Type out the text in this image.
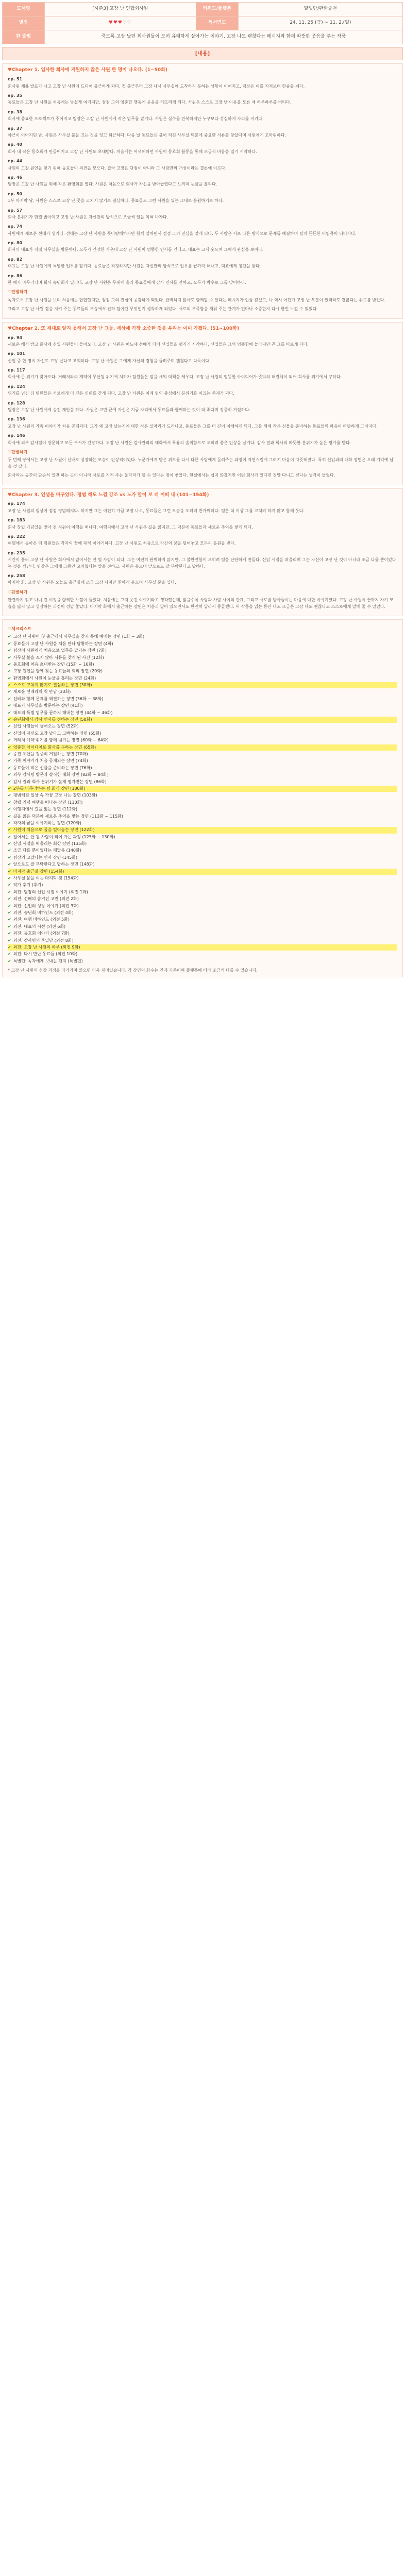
도서명	[시즌3] 고장 난 연합회사원	키워드/플랫폼	달빛단/판화솔천
별점	♥♥♥♡♡	독서연도	24. 11. 25.(금) ~ 11. 2.(일)
한 줄평	죽도록 고장 났던 회사원들이 모여 유쾌하게 살아가는 이야기. 고장 나도 괜찮다는 메시지와 함께 따뜻한 웃음을 주는 작품		
[내용]
♥Chapter 1. 입사한 회사에 지원하지 않은 사원 한 명이 나오다. (1~50화)
ep. 51
회사원 채용 발표가 나고 고장 난 사원이 드디어 출근하게 되다. 첫 출근부터 고장 나서 사무실에 도착하지 못하는 상황이 이어지고, 팀장은 이를 지켜보며 한숨을 쉬다.
ep. 35
동료들은 고장 난 사원을 처음에는 낯설게 여기지만, 점점 그의 엉뚱한 행동에 웃음을 터뜨리게 되다. 사원은 스스로 고장 난 이유를 모른 채 하루하루를 버티다.
ep. 38
회사에 중요한 프로젝트가 주어지고 팀장은 고장 난 사원에게 작은 업무를 맡기다. 사원은 실수를 반복하지만 누구보다 성실하게 자리를 지키다.
ep. 37
야근이 이어지던 밤, 사원은 사무실 불을 끄는 것을 잊고 퇴근하다. 다음 날 동료들은 불이 켜진 사무실 덕분에 중요한 서류를 찾았다며 사원에게 고마워하다.
ep. 40
회사 내 작은 동호회가 만들어지고 고장 난 사원도 초대받다. 처음에는 어색해하던 사원이 동호회 활동을 통해 조금씩 마음을 열기 시작하다.
ep. 44
사원의 고장 원인을 찾기 위해 동료들이 의견을 모으다. 결국 고장은 단점이 아니라 그 사람만의 개성이라는 결론에 이르다.
ep. 46
팀장은 고장 난 사원을 위해 작은 환영회를 열다. 사원은 처음으로 회사가 자신을 받아들였다고 느끼며 눈물을 흘리다.
ep. 50
1부 마지막 날, 사원은 스스로 고장 난 곳을 고치지 않기로 결심하다. 동료들도 그런 사원을 있는 그대로 응원하기로 하다.
ep. 57
회사 분위기가 한결 밝아지고 고장 난 사원은 자신만의 방식으로 조금씩 일을 익혀 나가다.
ep. 74
사원에게 새로운 선배가 생기다. 선배는 고장 난 사원을 못마땅해하지만 함께 일하면서 점점 그의 진심을 알게 되다. 두 사람은 서로 다른 방식으로 문제를 해결하며 팀의 든든한 버팀목이 되어가다.
ep. 80
회사의 대표가 직접 사무실을 방문하다. 모두가 긴장한 가운데 고장 난 사원이 엉뚱한 인사를 건네고, 대표는 크게 웃으며 그에게 관심을 보이다.
ep. 82
대표는 고장 난 사원에게 특별한 업무를 맡기다. 동료들은 걱정하지만 사원은 자신만의 방식으로 업무를 끝까지 해내고, 대표에게 칭찬을 받다.
ep. 86
한 해가 마무리되며 회사 송년회가 열리다. 고장 난 사원은 무대에 올라 동료들에게 감사 인사를 전하고, 모두가 박수로 그를 맞이하다.
♡판별하기
독자로서 고장 난 사원을 보며 처음에는 답답했지만, 점점 그의 진심에 공감하게 되었다. 완벽하지 않아도 함께할 수 있다는 메시지가 인상 깊었고, 나 역시 어딘가 고장 난 부분이 있더라도 괜찮다는 위로를 받았다.
그리고 고장 난 사원 곁을 지켜 주는 동료들의 모습에서 진짜 팀이란 무엇인지 생각하게 되었다. 서로의 부족함을 채워 주는 관계가 얼마나 소중한지 다시 한번 느낄 수 있었다.
♥Chapter 2. 또 제대로 알지 못해서 고장 난 그들. 세상에 가장 소중한 것을 우리는 이미 가졌다. (51~100화)
ep. 94
새로운 해가 밝고 회사에 신입 사원들이 들어오다. 고장 난 사원은 어느새 선배가 되어 신입들을 챙기기 시작하다. 신입들은 그의 엉뚱함에 놀라지만 곧 그를 따르게 되다.
ep. 101
신입 중 한 명이 자신도 고장 났다고 고백하다. 고장 난 사원은 그에게 자신의 경험을 들려주며 괜찮다고 다독이다.
ep. 117
회사에 큰 위기가 찾아오다. 거래처와의 계약이 무산될 위기에 처하자 팀원들은 밤을 새워 대책을 세우다. 고장 난 사원의 엉뚱한 아이디어가 뜻밖의 해결책이 되어 회사를 위기에서 구하다.
ep. 124
위기를 넘긴 뒤 팀원들은 서로에게 더 깊은 신뢰를 갖게 되다. 고장 난 사원은 이제 팀의 중심에서 분위기를 이끄는 존재가 되다.
ep. 128
팀장은 고장 난 사원에게 승진 제안을 하다. 사원은 고민 끝에 자신은 지금 자리에서 동료들과 함께하는 것이 더 좋다며 정중히 거절하다.
ep. 136
고장 난 사원의 가족 이야기가 처음 공개되다. 그가 왜 고장 났는지에 대한 작은 실마리가 드러나고, 동료들은 그를 더 깊이 이해하게 되다. 그를 위해 작은 선물을 준비하는 동료들의 마음이 따뜻하게 그려지다.
ep. 146
회사에 외부 감사팀이 방문하고 모든 부서가 긴장하다. 고장 난 사원은 감사관과의 대화에서 특유의 솔직함으로 오히려 좋은 인상을 남기다. 감사 결과 회사의 따뜻한 분위기가 높은 평가를 받다.
♡판별하기
두 번째 장에서는 고장 난 사원이 선배로 성장하는 모습이 인상적이었다. 누군가에게 받은 위로를 다시 다른 사람에게 돌려주는 과정이 자연스럽게 그려져 마음이 따뜻해졌다. 특히 신입과의 대화 장면은 오래 기억에 남을 것 같다.
회사라는 공간이 단순히 일만 하는 곳이 아니라 서로를 지켜 주는 울타리가 될 수 있다는 점이 좋았다. 현실에서는 쉽지 않겠지만 이런 회사가 있다면 정말 다니고 싶다는 생각이 들었다.
♥Chapter 3. 인생을 바꾸었다. 평범 해도 느낌 강조 vs 노가 말이 보 더 어떠 내 (101~154화)
ep. 174
고장 난 사원의 일상이 점점 평범해지다. 하지만 그는 여전히 가끔 고장 나고, 동료들은 그런 모습을 오히려 반가워하다. 팀은 더 이상 그를 고치려 하지 않고 함께 웃다.
ep. 183
회사 창립 기념일을 맞아 전 직원이 여행을 떠나다. 여행지에서 고장 난 사원은 길을 잃지만, 그 덕분에 동료들과 새로운 추억을 쌓게 되다.
ep. 222
여행에서 돌아온 뒤 팀원들은 각자의 꿈에 대해 이야기하다. 고장 난 사원도 처음으로 자신의 꿈을 털어놓고 모두의 응원을 받다.
ep. 235
시간이 흘러 고장 난 사원은 회사에서 없어서는 안 될 사람이 되다. 그는 여전히 완벽하지 않지만, 그 불완전함이 오히려 팀을 단단하게 만들다. 신입 시절을 떠올리며 그는 자신이 고장 난 것이 아니라 조금 다를 뿐이었다는 것을 깨닫다. 팀장은 그에게 그동안 고마웠다는 말을 전하고, 사원은 웃으며 앞으로도 잘 부탁한다고 답하다.
ep. 258
마지막 화, 고장 난 사원은 오늘도 출근길에 조금 고장 나지만 환하게 웃으며 사무실 문을 열다.
♡판별하기
완결까지 읽고 나니 긴 여정을 함께한 느낌이 들었다. 처음에는 그저 웃긴 이야기라고 생각했는데, 읽을수록 사람과 사람 사이의 관계, 그리고 서로를 받아들이는 마음에 대한 이야기였다. 고장 난 사원이 끝까지 자기 모습을 잃지 않고 성장하는 과정이 정말 좋았다. 마지막 화에서 출근하는 장면은 처음과 닮아 있으면서도 완전히 달라서 뭉클했다. 이 작품을 읽는 동안 나도 조금은 고장 나도 괜찮다고 스스로에게 말해 줄 수 있었다.
♡체크리스트
✔ 고장 난 사원이 첫 출근에서 사무실을 찾지 못해 헤매는 장면 (1화 ~ 3화)
✔ 동료들이 고장 난 사원을 처음 만나 당황하는 장면 (4화)
✔ 팀장이 사원에게 처음으로 업무를 맡기는 장면 (7화)
✔ 사무실 불을 끄지 않아 서류를 찾게 된 사건 (12화)
✔ 동호회에 처음 초대받는 장면 (15화 ~ 16화)
✔ 고장 원인을 함께 찾는 동료들의 회의 장면 (20화)
✔ 환영회에서 사원이 눈물을 흘리는 장면 (24화)
✔ 스스로 고치지 않기로 결심하는 장면 (30화)
✔ 새로운 선배와의 첫 만남 (33화)
✔ 선배와 함께 문제를 해결하는 장면 (36화 ~ 38화)
✔ 대표가 사무실을 방문하는 장면 (41화)
✔ 대표의 특별 업무를 끝까지 해내는 장면 (44화 ~ 46화)
✔ 송년회에서 감사 인사를 전하는 장면 (50화)
✔ 신입 사원들이 들어오는 장면 (52화)
✔ 신입이 자신도 고장 났다고 고백하는 장면 (55화)
✔ 거래처 계약 위기를 함께 넘기는 장면 (60화 ~ 64화)
✔ 엉뚱한 아이디어로 회사를 구하는 장면 (65화)
✔ 승진 제안을 정중히 거절하는 장면 (70화)
✔ 가족 이야기가 처음 공개되는 장면 (74화)
✔ 동료들이 작은 선물을 준비하는 장면 (76화)
✔ 외부 감사팀 방문과 솔직한 대화 장면 (82화 ~ 84화)
✔ 감사 결과 회사 분위기가 높게 평가받는 장면 (86화)
✔ 2부를 마무리하는 팀 회식 장면 (100화)
✔ 평범해진 일상 속 가끔 고장 나는 장면 (103화)
✔ 창립 기념 여행을 떠나는 장면 (110화)
✔ 여행지에서 길을 잃는 장면 (112화)
✔ 길을 잃은 덕분에 새로운 추억을 쌓는 장면 (113화 ~ 115화)
✔ 각자의 꿈을 이야기하는 장면 (120화)
✔ 사원이 처음으로 꿈을 털어놓는 장면 (122화)
✔ 없어서는 안 될 사람이 되어 가는 과정 (125화 ~ 130화)
✔ 신입 시절을 떠올리는 회상 장면 (135화)
✔ 조금 다를 뿐이었다는 깨달음 (140화)
✔ 팀장의 고맙다는 인사 장면 (145화)
✔ 앞으로도 잘 부탁한다고 답하는 장면 (148화)
✔ 마지막 출근길 장면 (154화)
✔ 사무실 문을 여는 마지막 컷 (154화)
✔ 작가 후기 (후기)
✔ 외전: 팀장의 신입 시절 이야기 (외전 1화)
✔ 외전: 선배의 숨겨진 고민 (외전 2화)
✔ 외전: 신입의 성장 이야기 (외전 3화)
✔ 외전: 송년회 비하인드 (외전 4화)
✔ 외전: 여행 비하인드 (외전 5화)
✔ 외전: 대표의 시선 (외전 6화)
✔ 외전: 동호회 이야기 (외전 7화)
✔ 외전: 감사팀의 후일담 (외전 8화)
✔ 외전: 고장 난 사원의 하루 (외전 9화)
✔ 외전: 다시 만난 동료들 (외전 10화)
✔ 특별편: 독자에게 보내는 편지 (특별편)
* 고장 난 사원의 성장 과정을 따라가며 읽으면 더욱 재미있습니다. 각 장면의 화수는 연재 기준이며 플랫폼에 따라 조금씩 다를 수 있습니다.
